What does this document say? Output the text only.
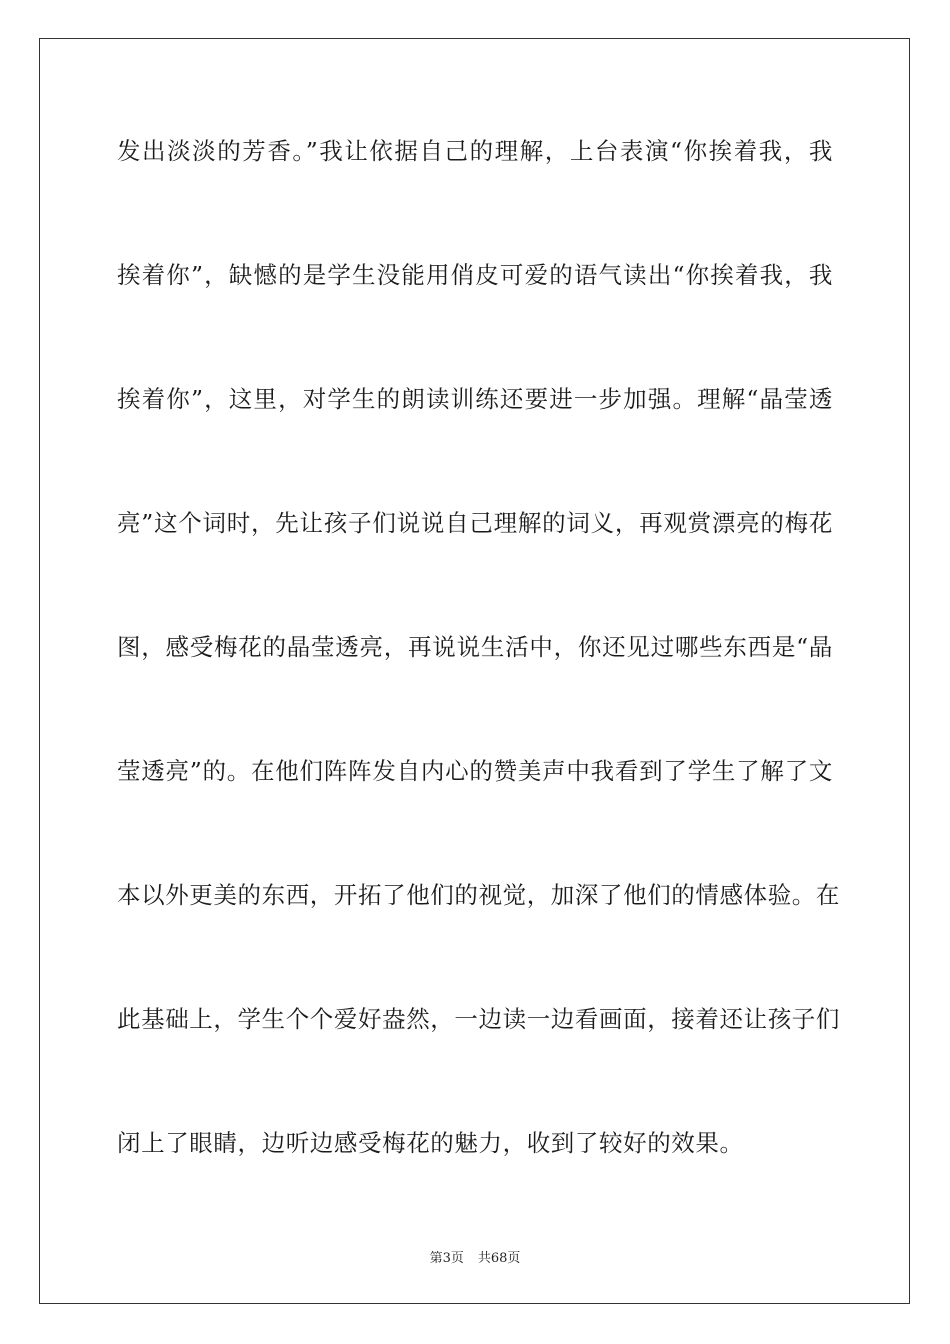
发出淡淡的芳香。”我让依据自己的理解，上台表演“你挨着我，我
挨着你”，缺憾的是学生没能用俏皮可爱的语气读出“你挨着我，我
挨着你”，这里，对学生的朗读训练还要进一步加强。理解“晶莹透
亮”这个词时，先让孩子们说说自己理解的词义，再观赏漂亮的梅花
图，感受梅花的晶莹透亮，再说说生活中，你还见过哪些东西是“晶
莹透亮”的。在他们阵阵发自内心的赞美声中我看到了学生了解了文
本以外更美的东西，开拓了他们的视觉，加深了他们的情感体验。在
此基础上，学生个个爱好盎然，一边读一边看画面，接着还让孩子们
闭上了眼睛，边听边感受梅花的魅力，收到了较好的效果。
第3页 共68页
